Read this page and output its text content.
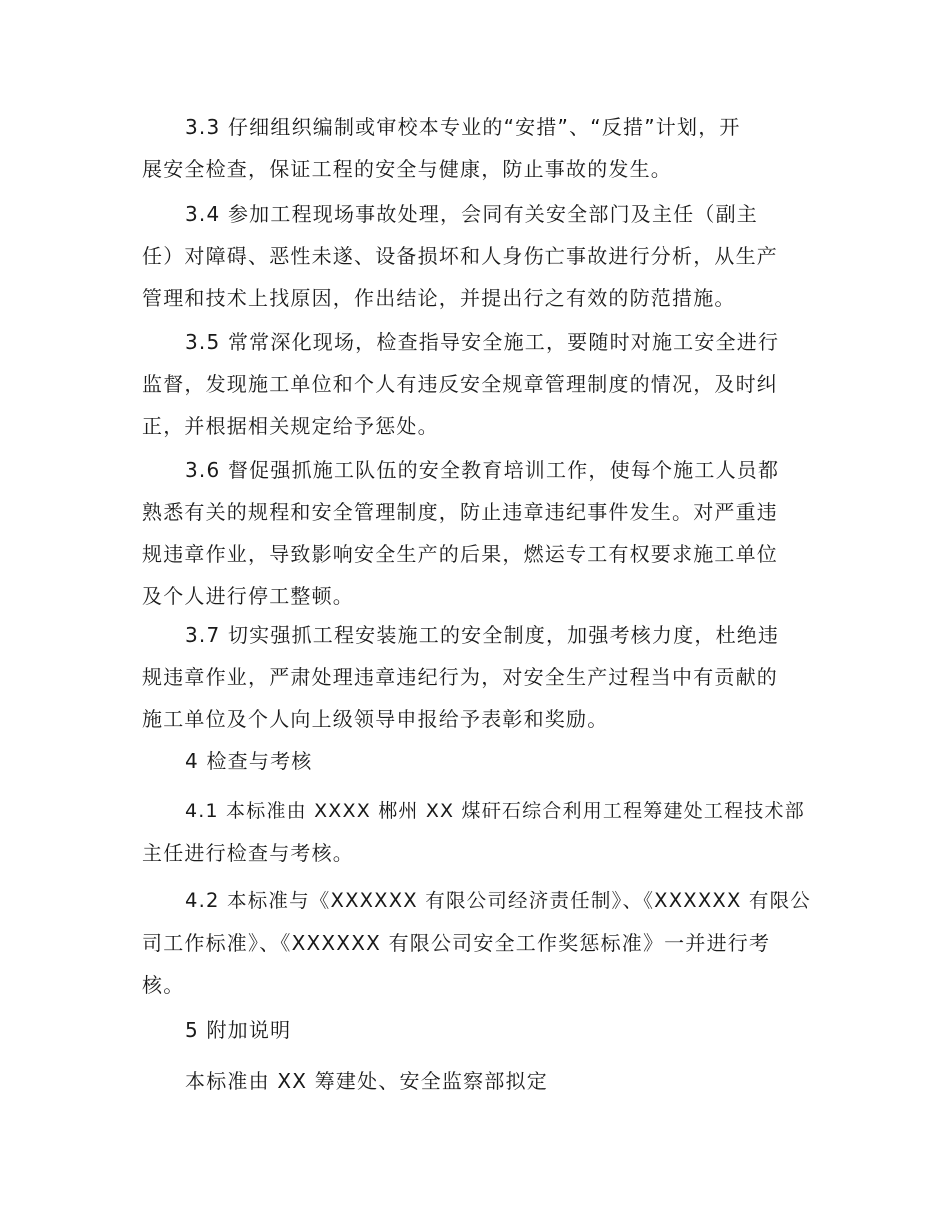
3.3 仔细组织编制或审校本专业的“安措”、“反措”计划，开
展安全检查，保证工程的安全与健康，防止事故的发生。
3.4 参加工程现场事故处理，会同有关安全部门及主任（副主
任）对障碍、恶性未遂、设备损坏和人身伤亡事故进行分析，从生产
管理和技术上找原因，作出结论，并提出行之有效的防范措施。
3.5 常常深化现场，检查指导安全施工，要随时对施工安全进行
监督，发现施工单位和个人有违反安全规章管理制度的情况，及时纠
正，并根据相关规定给予惩处。
3.6 督促强抓施工队伍的安全教育培训工作，使每个施工人员都
熟悉有关的规程和安全管理制度，防止违章违纪事件发生。对严重违
规违章作业，导致影响安全生产的后果，燃运专工有权要求施工单位
及个人进行停工整顿。
3.7 切实强抓工程安装施工的安全制度，加强考核力度，杜绝违
规违章作业，严肃处理违章违纪行为，对安全生产过程当中有贡献的
施工单位及个人向上级领导申报给予表彰和奖励。
4 检查与考核
4.1 本标准由 XXXX 郴州 XX 煤矸石综合利用工程筹建处工程技术部
主任进行检查与考核。
4.2 本标准与《XXXXXX 有限公司经济责任制》、《XXXXXX 有限公
司工作标准》、《XXXXXX 有限公司安全工作奖惩标准》一并进行考
核。
5 附加说明
本标准由 XX 筹建处、安全监察部拟定
